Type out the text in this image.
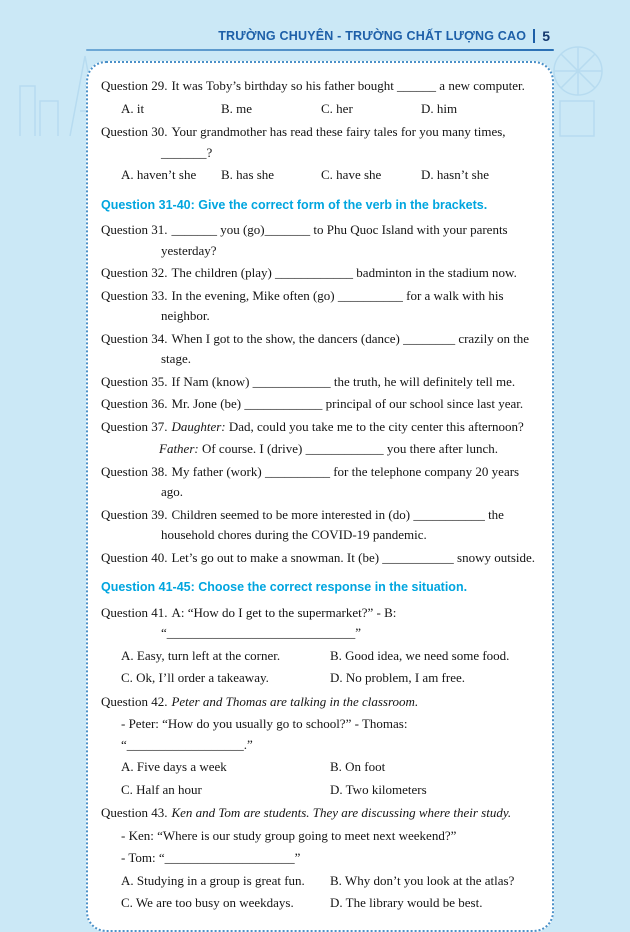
TRƯỜNG CHUYÊN - TRƯỜNG CHẤT LƯỢNG CAO 5
Question 29. It was Toby’s birthday so his father bought ______ a new computer.
A. it	B. me	C. her	D. him
Question 30. Your grandmother has read these fairy tales for you many times, _______?
A. haven’t she	B. has she	C. have she	D. hasn’t she
Question 31-40: Give the correct form of the verb in the brackets.
Question 31. _______ you (go)_______ to Phu Quoc Island with your parents yesterday?
Question 32. The children (play) ____________ badminton in the stadium now.
Question 33. In the evening, Mike often (go) __________ for a walk with his neighbor.
Question 34. When I got to the show, the dancers (dance) ________ crazily on the stage.
Question 35. If Nam (know) ____________ the truth, he will definitely tell me.
Question 36. Mr. Jone (be) ____________ principal of our school since last year.
Question 37. Daughter: Dad, could you take me to the city center this afternoon?
Father: Of course. I (drive) ____________ you there after lunch.
Question 38. My father (work) __________ for the telephone company 20 years ago.
Question 39. Children seemed to be more interested in (do) ___________ the household chores during the COVID-19 pandemic.
Question 40. Let’s go out to make a snowman. It (be) ___________ snowy outside.
Question 41-45: Choose the correct response in the situation.
Question 41. A: “How do I get to the supermarket?” - B: “_____________________________”
A. Easy, turn left at the corner.	B. Good idea, we need some food.
C. Ok, I’ll order a takeaway.	D. No problem, I am free.
Question 42. Peter and Thomas are talking in the classroom.
- Peter: “How do you usually go to school?” - Thomas: “__________________.”
A. Five days a week	B. On foot
C. Half an hour	D. Two kilometers
Question 43. Ken and Tom are students. They are discussing where their study.
- Ken: “Where is our study group going to meet next weekend?”
- Tom: “____________________”
A. Studying in a group is great fun.	B. Why don’t you look at the atlas?
C. We are too busy on weekdays.	D. The library would be best.
